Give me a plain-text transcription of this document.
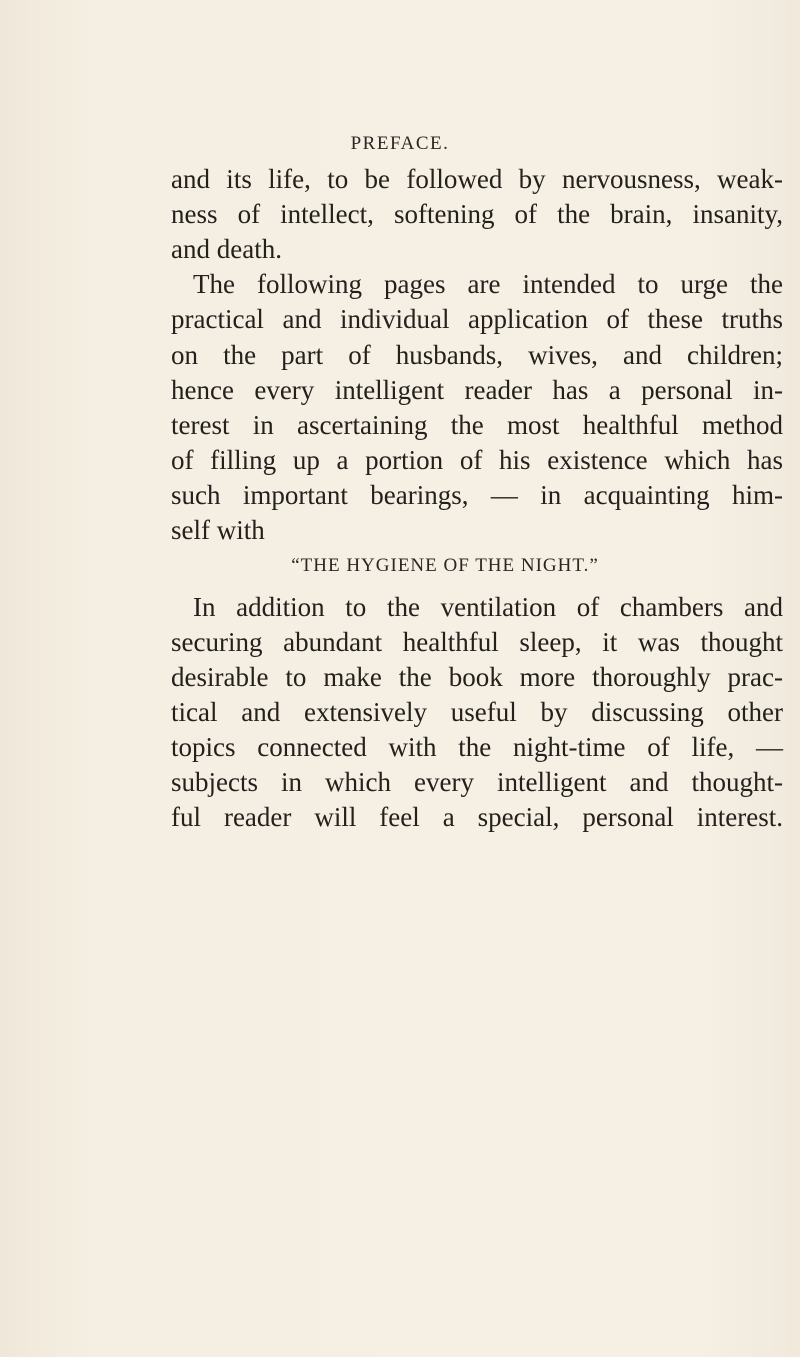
PREFACE.
and its life, to be followed by nervousness, weak-
ness of intellect, softening of the brain, insanity,
and death.
The following pages are intended to urge the
practical and individual application of these truths
on the part of husbands, wives, and children;
hence every intelligent reader has a personal in-
terest in ascertaining the most healthful method
of filling up a portion of his existence which has
such important bearings, — in acquainting him-
self with
“THE HYGIENE OF THE NIGHT.”
In addition to the ventilation of chambers and
securing abundant healthful sleep, it was thought
desirable to make the book more thoroughly prac-
tical and extensively useful by discussing other
topics connected with the night-time of life, —
subjects in which every intelligent and thought-
ful reader will feel a special, personal interest.
